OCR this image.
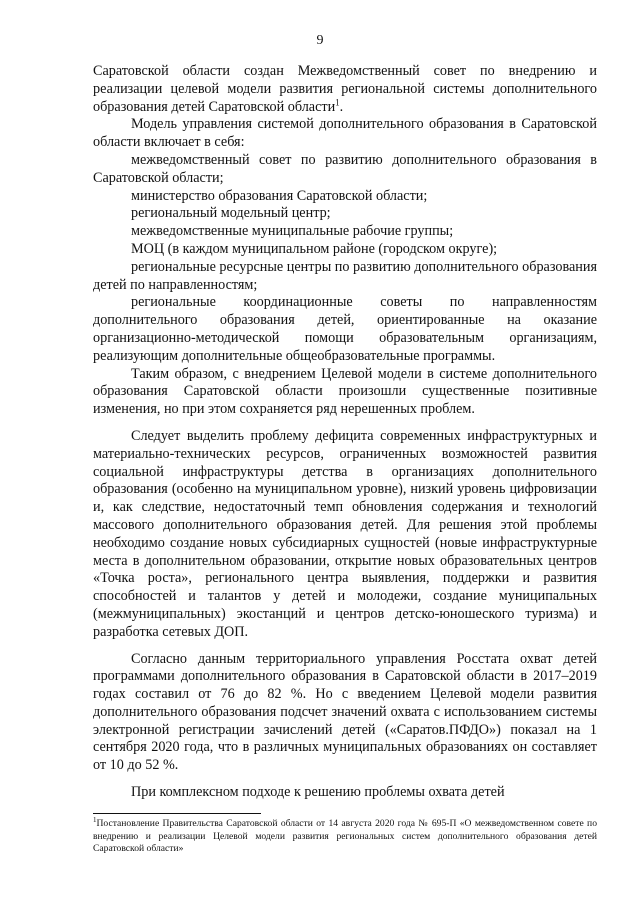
9

Саратовской области создан Межведомственный совет по внедрению и реализации целевой модели развития региональной системы дополнительного образования детей Саратовской области$^1$.

Модель управления системой дополнительного образования в Саратовской области включает в себя:

межведомственный совет по развитию дополнительного образования в Саратовской области;

министерство образования Саратовской области;

региональный модельный центр;

межведомственные муниципальные рабочие группы;

МОЦ (в каждом муниципальном районе (городском округе);

региональные ресурсные центры по развитию дополнительного образования детей по направленностям;

региональные координационные советы по направленностям дополнительного образования детей, ориентированные на оказание организационно-методической помощи образовательным организациям, реализующим дополнительные общеобразовательные программы.

Таким образом, с внедрением Целевой модели в системе дополнительного образования Саратовской области произошли существенные позитивные изменения, но при этом сохраняется ряд нерешенных проблем.

Следует выделить проблему дефицита современных инфраструктурных и материально-технических ресурсов, ограниченных возможностей развития социальной инфраструктуры детства в организациях дополнительного образования (особенно на муниципальном уровне), низкий уровень цифровизации и, как следствие, недостаточный темп обновления содержания и технологий массового дополнительного образования детей. Для решения этой проблемы необходимо создание новых субсидиарных сущностей (новые инфраструктурные места в дополнительном образовании, открытие новых образовательных центров «Точка роста», регионального центра выявления, поддержки и развития способностей и талантов у детей и молодежи, создание муниципальных (межмуниципальных) экостанций и центров детско-юношеского туризма) и разработка сетевых ДОП.

Согласно данным территориального управления Росстата охват детей программами дополнительного образования в Саратовской области в 2017–2019 годах составил от 76 до 82 %. Но с введением Целевой модели развития дополнительного образования подсчет значений охвата с использованием системы электронной регистрации зачислений детей («Саратов.ПФДО») показал на 1 сентября 2020 года, что в различных муниципальных образованиях он составляет от 10 до 52 %.

При комплексном подходе к решению проблемы охвата детей

$^1$Постановление Правительства Саратовской области от 14 августа 2020 года № 695-П «О межведомственном совете по внедрению и реализации Целевой модели развития региональных систем дополнительного образования детей Саратовской области»
